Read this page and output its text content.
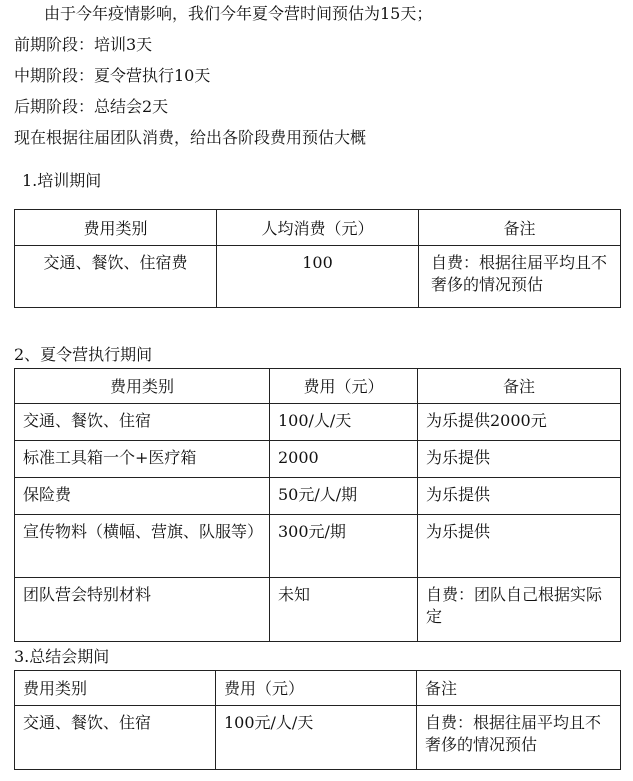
由于今年疫情影响，我们今年夏令营时间预估为15天；
前期阶段：培训3天
中期阶段：夏令营执行10天
后期阶段：总结会2天
现在根据往届团队消费，给出各阶段费用预估大概
1.培训期间
费用类别	人均消费（元）	备注
交通、餐饮、住宿费	100	自费：根据往届平均且不奢侈的情况预估
2、夏令营执行期间
费用类别	费用（元）	备注
交通、餐饮、住宿	100/人/天	为乐提供2000元
标准工具箱一个+医疗箱	2000	为乐提供
保险费	50元/人/期	为乐提供
宣传物料（横幅、营旗、队服等）	300元/期	为乐提供
团队营会特别材料	未知	自费：团队自己根据实际定
3.总结会期间
费用类别	费用（元）	备注
交通、餐饮、住宿	100元/人/天	自费：根据往届平均且不奢侈的情况预估
